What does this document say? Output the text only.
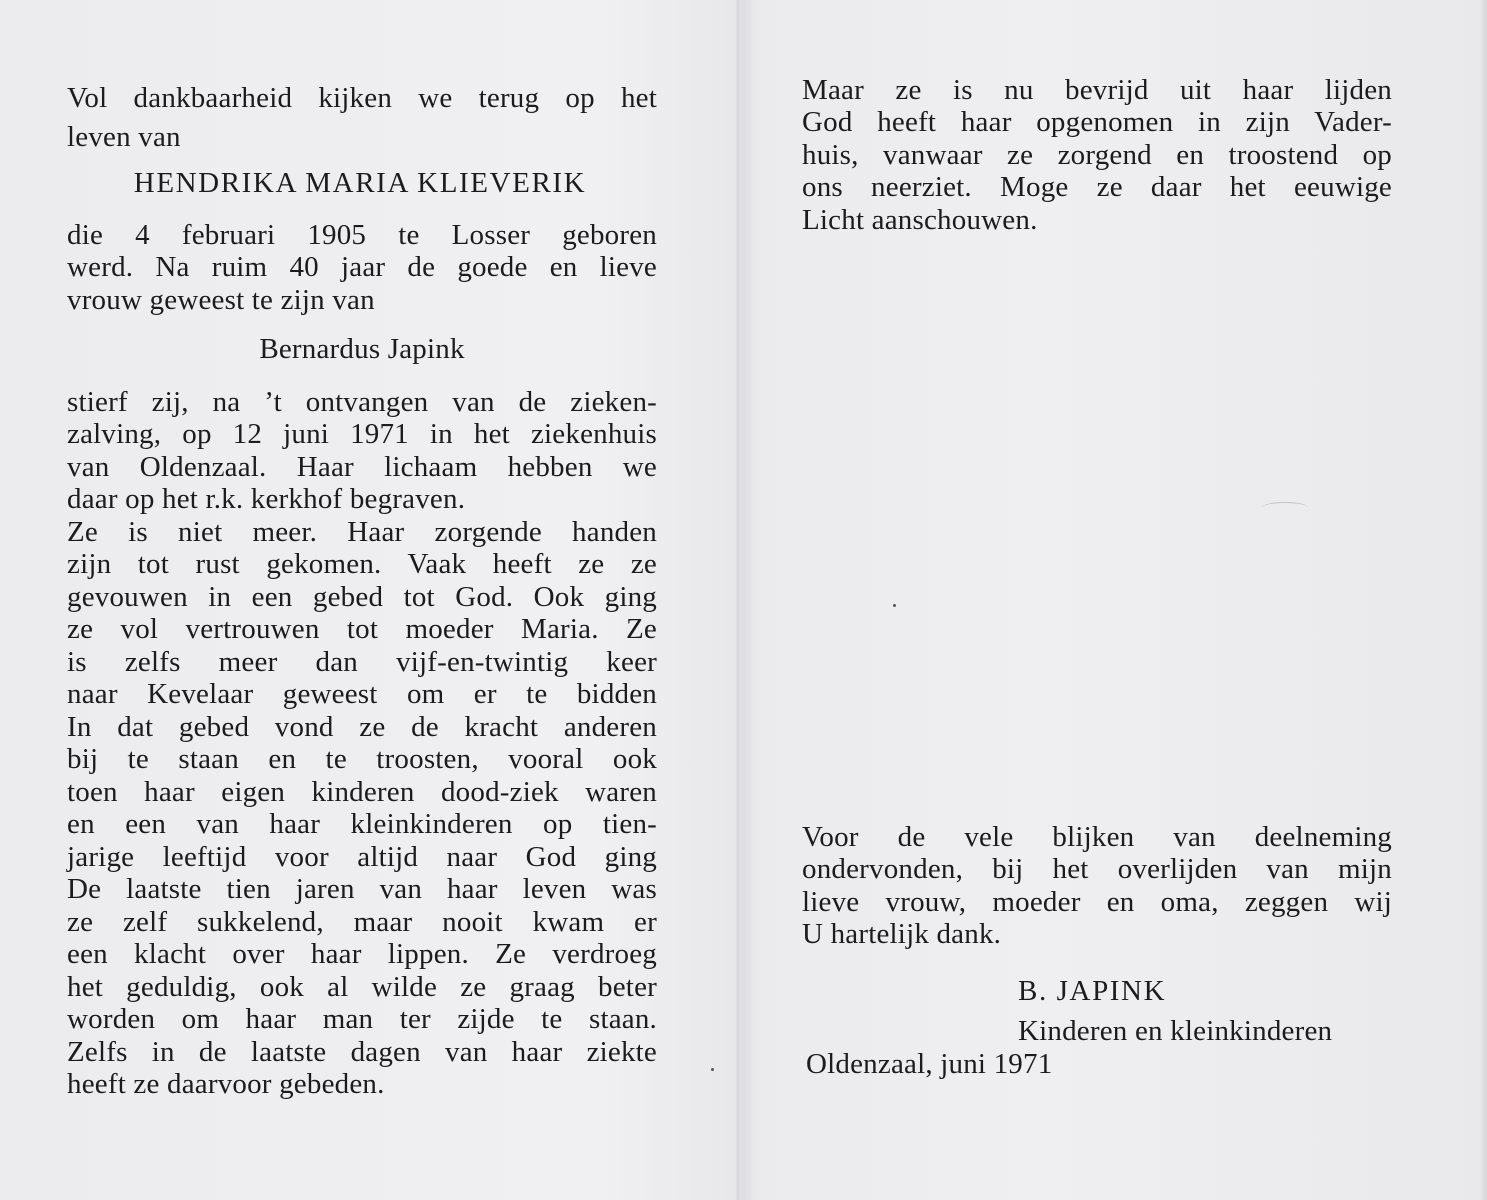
Vol dankbaarheid kijken we terug op het
leven van
HENDRIKA MARIA KLIEVERIK
die 4 februari 1905 te Losser geboren
werd. Na ruim 40 jaar de goede en lieve
vrouw geweest te zijn van
Bernardus Japink
stierf zij, na ’t ontvangen van de zieken-
zalving, op 12 juni 1971 in het ziekenhuis
van Oldenzaal. Haar lichaam hebben we
daar op het r.k. kerkhof begraven.
Ze is niet meer. Haar zorgende handen
zijn tot rust gekomen. Vaak heeft ze ze
gevouwen in een gebed tot God. Ook ging
ze vol vertrouwen tot moeder Maria. Ze
is zelfs meer dan vijf-en-twintig keer
naar Kevelaar geweest om er te bidden
In dat gebed vond ze de kracht anderen
bij te staan en te troosten, vooral ook
toen haar eigen kinderen dood-ziek waren
en een van haar kleinkinderen op tien-
jarige leeftijd voor altijd naar God ging
De laatste tien jaren van haar leven was
ze zelf sukkelend, maar nooit kwam er
een klacht over haar lippen. Ze verdroeg
het geduldig, ook al wilde ze graag beter
worden om haar man ter zijde te staan.
Zelfs in de laatste dagen van haar ziekte
heeft ze daarvoor gebeden.
Maar ze is nu bevrijd uit haar lijden
God heeft haar opgenomen in zijn Vader-
huis, vanwaar ze zorgend en troostend op
ons neerziet. Moge ze daar het eeuwige
Licht aanschouwen.
Voor de vele blijken van deelneming
ondervonden, bij het overlijden van mijn
lieve vrouw, moeder en oma, zeggen wij
U hartelijk dank.
B. JAPINK
Kinderen en kleinkinderen
Oldenzaal, juni 1971
